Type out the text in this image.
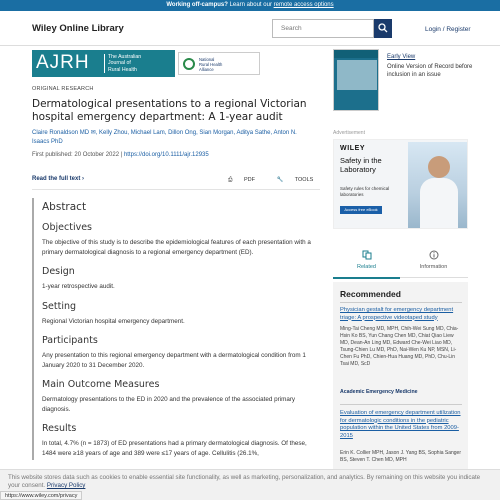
Working off-campus? Learn about our remote access options
Wiley Online Library	Search	Login / Register
AJRH	The Australian
Journal of
Rural Health
National
Rural Health
Alliance
Early View
Online Version of Record before inclusion in an issue
ORIGINAL RESEARCH
Dermatological presentations to a regional Victorian hospital emergency department: A 1-year audit
Claire Ronaldson MD ✉, Kelly Zhou, Michael Lam, Dillon Ong, Sian Morgan, Aditya Sathe, Anton N. Isaacs PhD
First published: 20 October 2022 | https://doi.org/10.1111/ajr.12935
Read the full text ›	⎙ PDF	🔧 TOOLS
Abstract
Objectives
The objective of this study is to describe the epidemiological features of each presentation with a primary dermatological diagnosis to a regional emergency department (ED).
Design
1-year retrospective audit.
Setting
Regional Victorian hospital emergency department.
Participants
Any presentation to this regional emergency department with a dermatological condition from 1 January 2020 to 31 December 2020.
Main Outcome Measures
Dermatology presentations to the ED in 2020 and the prevalence of the associated primary diagnosis.
Results
In total, 4.7% (n = 1873) of ED presentations had a primary dermatological diagnosis. Of these, 1484 were ≥18 years of age and 389 were ≤17 years of age. Cellulitis (26.1%,
Advertisement
WILEY
Safety in the Laboratory
Safety rules for chemical laboratories
Access free eBook
Related	Information
Recommended
Physician gestalt for emergency department triage: A prospective videotaped study
Ming-Tai Cheng MD, MPH, Chih-Wei Sung MD, Chia-Hsin Ko BS, Yun Chang Chen MD, Chiat Qiao Liew MD, Dean-An Ling MD, Edward Che-Wei Liao MD, Tsung-Chien Lu MD, PhD, Nai-Wen Ku NP, MSN, Li-Chen Fu PhD, Chien-Hua Huang MD, PhD, Chu-Lin Tsai MD, ScD
Academic Emergency Medicine
Evaluation of emergency department utilization for dermatologic conditions in the pediatric population within the United States from 2009-2015
Erin K. Collier MPH, Jason J. Yang BS, Sophia Sanger BS, Steven T. Chen MD, MPH
This website stores data such as cookies to enable essential site functionality, as well as marketing, personalization, and analytics. By remaining on this website you indicate your consent. Privacy Policy
https://www.wiley.com/privacy
